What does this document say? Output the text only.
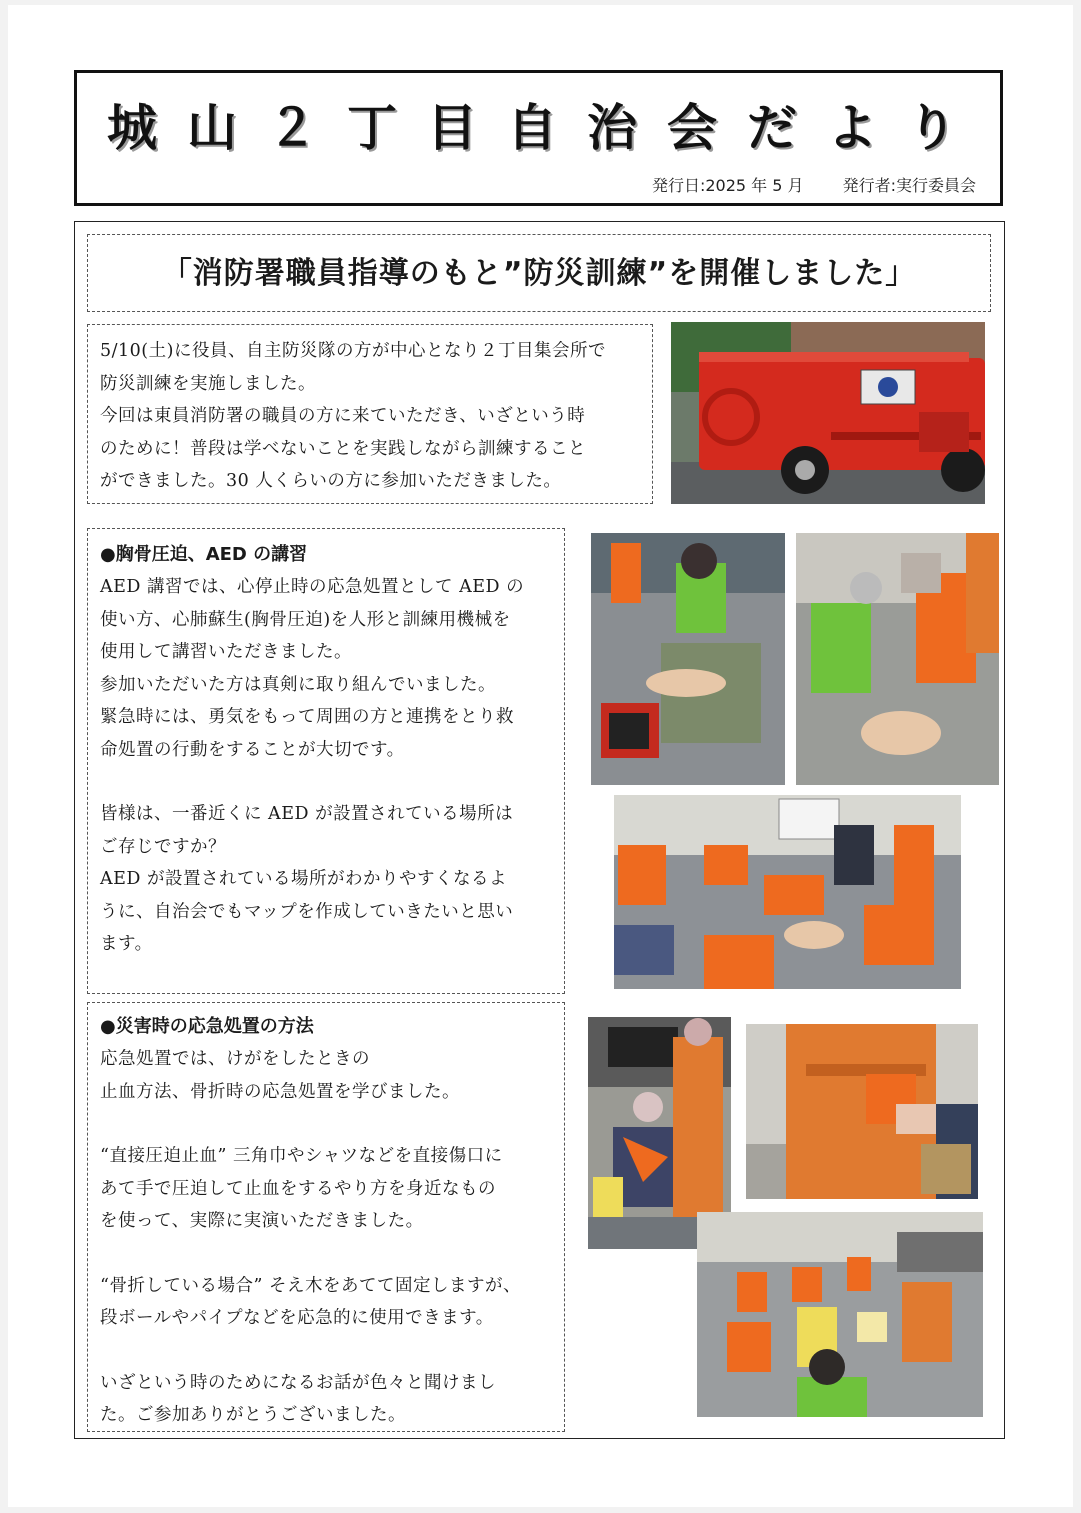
城山２丁目自治会だより
発行日:2025 年 5 月 発行者:実行委員会
「消防署職員指導のもと”防災訓練”を開催しました」

5/10(土)に役員、自主防災隊の方が中心となり２丁目集会所で

防災訓練を実施しました。

今回は東員消防署の職員の方に来ていただき、いざという時

のために！普段は学べないことを実践しながら訓練すること

ができました。30 人くらいの方に参加いただきました。

●胸骨圧迫、AED の講習

AED 講習では、心停止時の応急処置として AED の

使い方、心肺蘇生(胸骨圧迫)を人形と訓練用機械を

使用して講習いただきました。

参加いただいた方は真剣に取り組んでいました。

緊急時には、勇気をもって周囲の方と連携をとり救

命処置の行動をすることが大切です。

皆様は、一番近くに AED が設置されている場所は

ご存じですか？

AED が設置されている場所がわかりやすくなるよ

うに、自治会でもマップを作成していきたいと思い

ます。

●災害時の応急処置の方法

応急処置では、けがをしたときの

止血方法、骨折時の応急処置を学びました。

“直接圧迫止血” 三角巾やシャツなどを直接傷口に

あて手で圧迫して止血をするやり方を身近なもの

を使って、実際に実演いただきました。

“骨折している場合” そえ木をあてて固定しますが、

段ボールやパイプなどを応急的に使用できます。

いざという時のためになるお話が色々と聞けまし

た。ご参加ありがとうございました。
